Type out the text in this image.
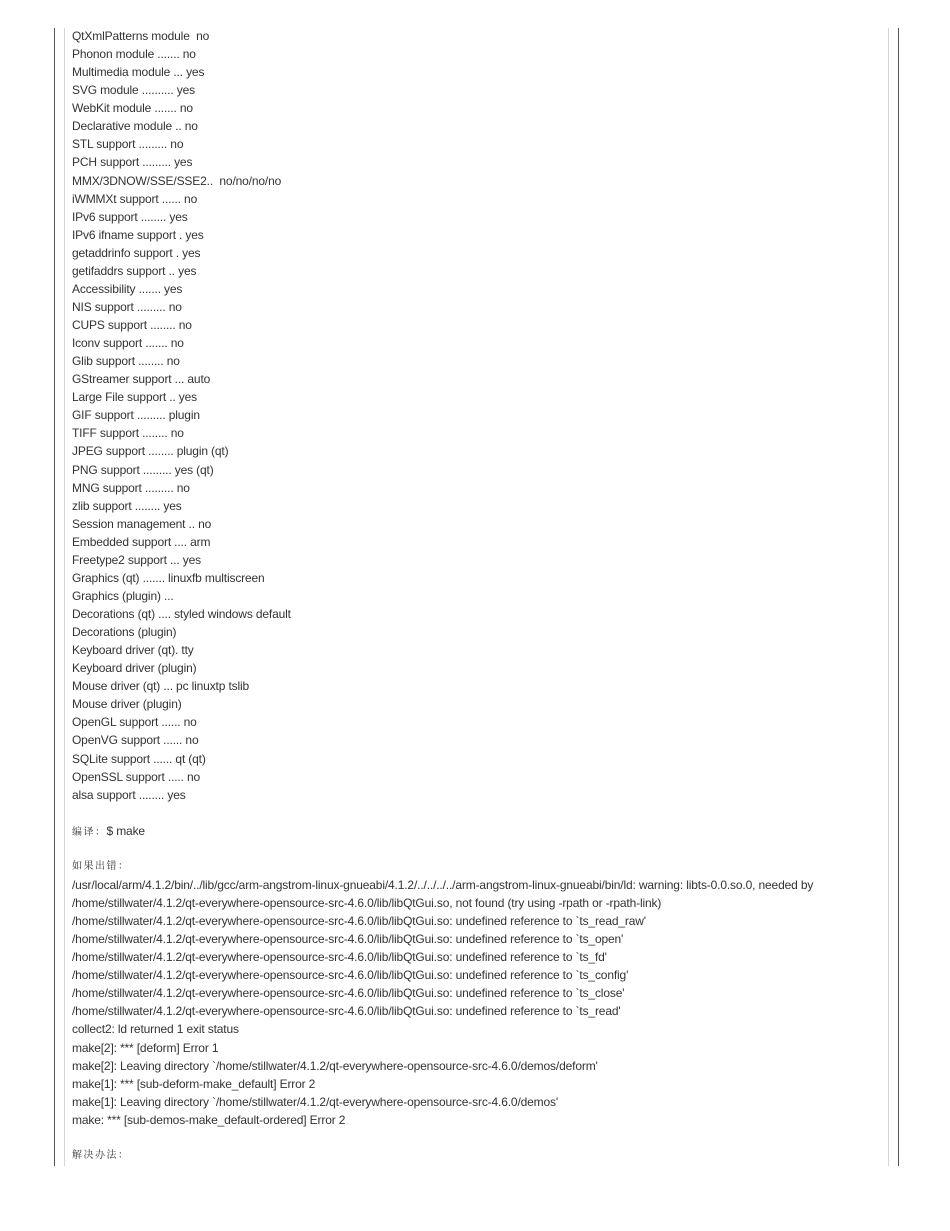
QtXmlPatterns module  no
Phonon module ....... no
Multimedia module ... yes
SVG module .......... yes
WebKit module ....... no
Declarative module .. no
STL support ......... no
PCH support ......... yes
MMX/3DNOW/SSE/SSE2..  no/no/no/no
iWMMXt support ...... no
IPv6 support ........ yes
IPv6 ifname support . yes
getaddrinfo support . yes
getifaddrs support .. yes
Accessibility ....... yes
NIS support ......... no
CUPS support ........ no
Iconv support ....... no
Glib support ........ no
GStreamer support ... auto
Large File support .. yes
GIF support ......... plugin
TIFF support ........ no
JPEG support ........ plugin (qt)
PNG support ......... yes (qt)
MNG support ......... no
zlib support ........ yes
Session management .. no
Embedded support .... arm
Freetype2 support ... yes
Graphics (qt) ....... linuxfb multiscreen
Graphics (plugin) ...
Decorations (qt) .... styled windows default
Decorations (plugin)
Keyboard driver (qt). tty
Keyboard driver (plugin)
Mouse driver (qt) ... pc linuxtp tslib
Mouse driver (plugin)
OpenGL support ...... no
OpenVG support ...... no
SQLite support ...... qt (qt)
OpenSSL support ..... no
alsa support ........ yes
编译：$ make
如果出错：
/usr/local/arm/4.1.2/bin/../lib/gcc/arm-angstrom-linux-gnueabi/4.1.2/../../../../arm-angstrom-linux-gnueabi/bin/ld: warning: libts-0.0.so.0, needed by
/home/stillwater/4.1.2/qt-everywhere-opensource-src-4.6.0/lib/libQtGui.so, not found (try using -rpath or -rpath-link)
/home/stillwater/4.1.2/qt-everywhere-opensource-src-4.6.0/lib/libQtGui.so: undefined reference to `ts_read_raw'
/home/stillwater/4.1.2/qt-everywhere-opensource-src-4.6.0/lib/libQtGui.so: undefined reference to `ts_open'
/home/stillwater/4.1.2/qt-everywhere-opensource-src-4.6.0/lib/libQtGui.so: undefined reference to `ts_fd'
/home/stillwater/4.1.2/qt-everywhere-opensource-src-4.6.0/lib/libQtGui.so: undefined reference to `ts_config'
/home/stillwater/4.1.2/qt-everywhere-opensource-src-4.6.0/lib/libQtGui.so: undefined reference to `ts_close'
/home/stillwater/4.1.2/qt-everywhere-opensource-src-4.6.0/lib/libQtGui.so: undefined reference to `ts_read'
collect2: ld returned 1 exit status
make[2]: *** [deform] Error 1
make[2]: Leaving directory `/home/stillwater/4.1.2/qt-everywhere-opensource-src-4.6.0/demos/deform'
make[1]: *** [sub-deform-make_default] Error 2
make[1]: Leaving directory `/home/stillwater/4.1.2/qt-everywhere-opensource-src-4.6.0/demos'
make: *** [sub-demos-make_default-ordered] Error 2
解决办法：
